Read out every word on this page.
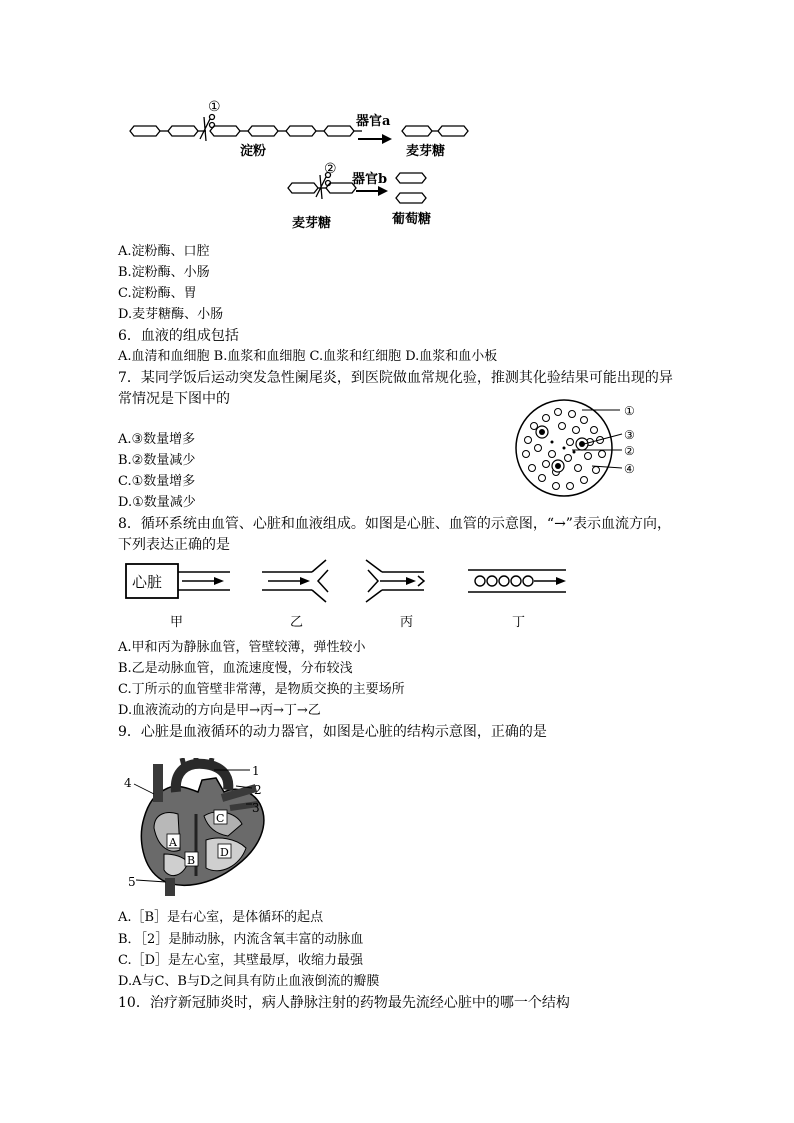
①
器官a
淀粉	麦芽糖
②
器官b
麦芽糖	葡萄糖
A.淀粉酶、口腔
B.淀粉酶、小肠
C.淀粉酶、胃
D.麦芽糖酶、小肠
6．血液的组成包括
A.血清和血细胞 B.血浆和血细胞 C.血浆和红细胞 D.血浆和血小板
7．某同学饭后运动突发急性阑尾炎，到医院做血常规化验，推测其化验结果可能出现的异
常情况是下图中的
A.③数量增多
B.②数量减少
C.①数量增多
D.①数量减少
①
③
②
④
8．循环系统由血管、心脏和血液组成。如图是心脏、血管的示意图，“→”表示血流方向，
下列表达正确的是
心脏
甲	乙	丙	丁
A.甲和丙为静脉血管，管壁较薄，弹性较小
B.乙是动脉血管，血流速度慢，分布较浅
C.丁所示的血管壁非常薄，是物质交换的主要场所
D.血液流动的方向是甲→丙→丁→乙
9．心脏是血液循环的动力器官，如图是心脏的结构示意图，正确的是
A
B
C
D
1
2
3
4
5
A.［B］是右心室，是体循环的起点
B．［2］是肺动脉，内流含氧丰富的动脉血
C.［D］是左心室，其壁最厚，收缩力最强
D.A与C、B与D之间具有防止血液倒流的瓣膜
10．治疗新冠肺炎时，病人静脉注射的药物最先流经心脏中的哪一个结构
